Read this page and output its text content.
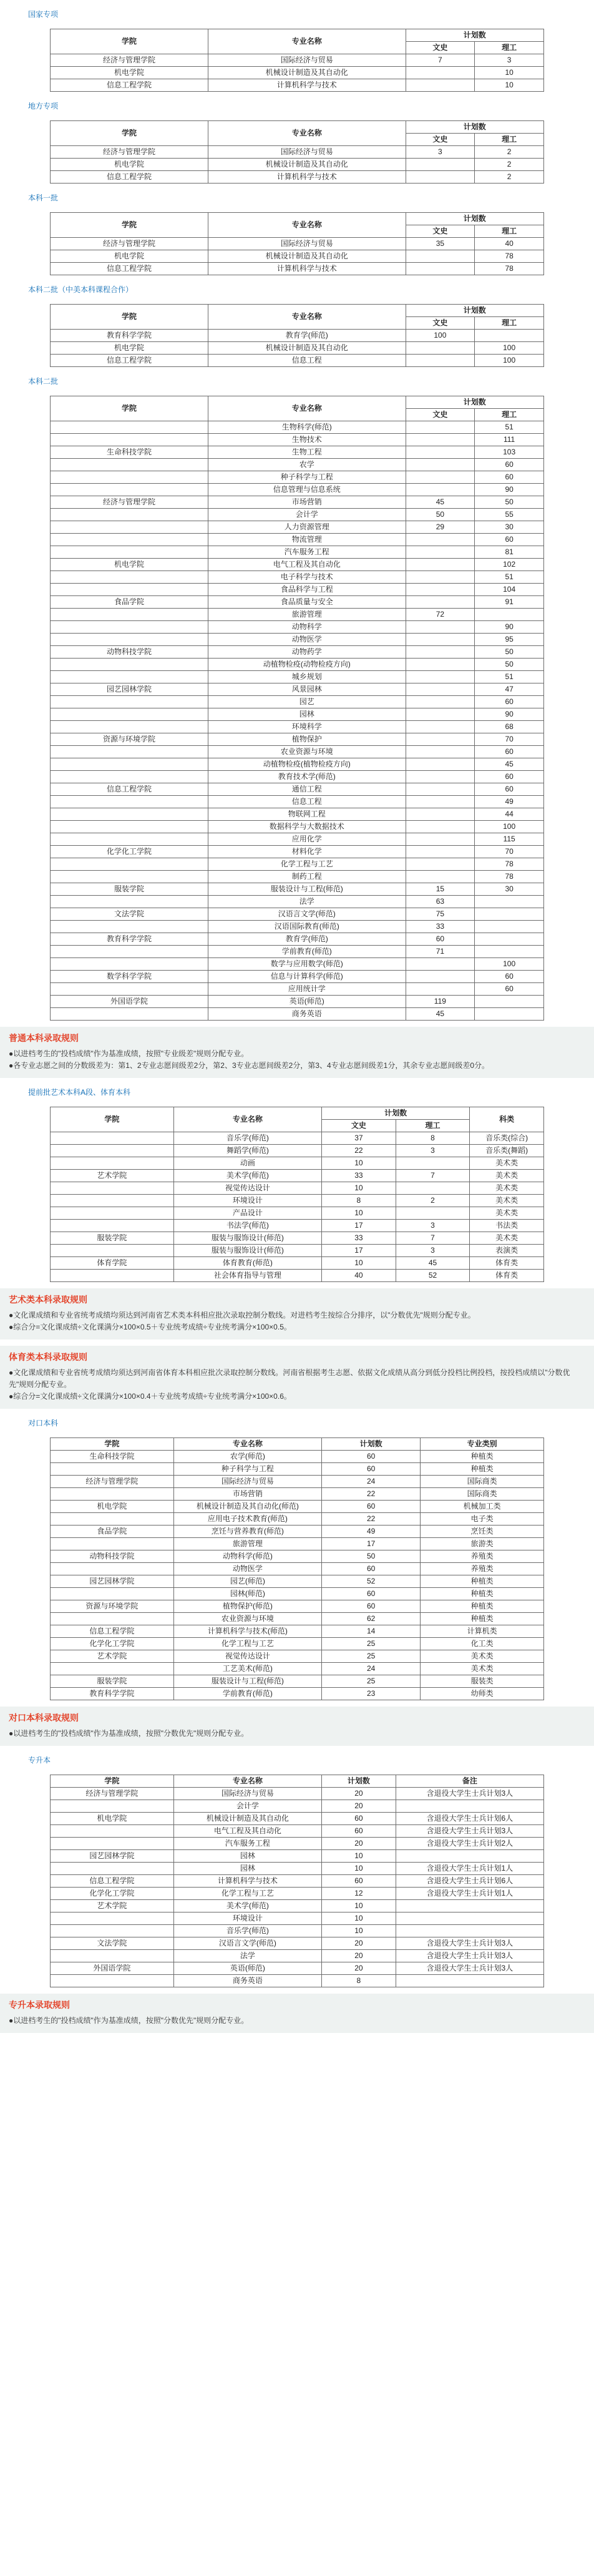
国家专项
学院	专业名称	计划数	
		文史	理工
经济与管理学院	国际经济与贸易	7	3
机电学院	机械设计制造及其自动化		10
信息工程学院	计算机科学与技术		10
地方专项
学院	专业名称	计划数	
		文史	理工
经济与管理学院	国际经济与贸易	3	2
机电学院	机械设计制造及其自动化		2
信息工程学院	计算机科学与技术		2
本科一批
学院	专业名称	计划数	
		文史	理工
经济与管理学院	国际经济与贸易	35	40
机电学院	机械设计制造及其自动化		78
信息工程学院	计算机科学与技术		78
本科二批（中美本科课程合作）
学院	专业名称	计划数	
		文史	理工
教育科学学院	教育学(师范)	100	
机电学院	机械设计制造及其自动化		100
信息工程学院	信息工程		100
本科二批
学院	专业名称	计划数	
		文史	理工
	生物科学(师范)		51
	生物技术		111
生命科技学院	生物工程		103
	农学		60
	种子科学与工程		60
	信息管理与信息系统		90
经济与管理学院	市场营销	45	50
	会计学	50	55
	人力资源管理	29	30
	物流管理		60
	汽车服务工程		81
机电学院	电气工程及其自动化		102
	电子科学与技术		51
	食品科学与工程		104
食品学院	食品质量与安全		91
	旅游管理	72	
	动物科学		90
	动物医学		95
动物科技学院	动物药学		50
	动植物检疫(动物检疫方向)		50
	城乡规划		51
园艺园林学院	风景园林		47
	园艺		60
	园林		90
	环境科学		68
资源与环境学院	植物保护		70
	农业资源与环境		60
	动植物检疫(植物检疫方向)		45
	教育技术学(师范)		60
信息工程学院	通信工程		60
	信息工程		49
	物联网工程		44
	数据科学与大数据技术		100
	应用化学		115
化学化工学院	材料化学		70
	化学工程与工艺		78
	制药工程		78
服装学院	服装设计与工程(师范)	15	30
	法学	63	
文法学院	汉语言文学(师范)	75	
	汉语国际教育(师范)	33	
教育科学学院	教育学(师范)	60	
	学前教育(师范)	71	
	数学与应用数学(师范)		100
数学科学学院	信息与计算科学(师范)		60
	应用统计学		60
外国语学院	英语(师范)	119	
	商务英语	45	
普通本科录取规则
●以进档考生的"投档成绩"作为基准成绩，按照"专业级差"规则分配专业。
●各专业志愿之间的分数级差为：第1、2专业志愿间级差2分，第2、3专业志愿间级差2分，第3、4专业志愿间级差1分，其余专业志愿间级差0分。
提前批艺术本科A段、体育本科
学院	专业名称	计划数		科类
		文史	理工	
	音乐学(师范)	37	8	音乐类(综合)
	舞蹈学(师范)	22	3	音乐类(舞蹈)
	动画	10		美术类
艺术学院	美术学(师范)	33	7	美术类
	视觉传达设计	10		美术类
	环境设计	8	2	美术类
	产品设计	10		美术类
	书法学(师范)	17	3	书法类
服装学院	服装与服饰设计(师范)	33	7	美术类
	服装与服饰设计(师范)	17	3	表演类
体育学院	体育教育(师范)	10	45	体育类
	社会体育指导与管理	40	52	体育类
艺术类本科录取规则
●文化课成绩和专业省统考成绩均须达到河南省艺术类本科相应批次录取控制分数线。对进档考生按综合分排序，以"分数优先"规则分配专业。
●综合分=文化课成绩÷文化课满分×100×0.5＋专业统考成绩÷专业统考满分×100×0.5。
体育类本科录取规则
●文化课成绩和专业省统考成绩均须达到河南省体育本科相应批次录取控制分数线。河南省根据考生志愿、依据文化成绩从高分到低分投档比例投档，按投档成绩以"分数优先"规则分配专业。
●综合分=文化课成绩÷文化课满分×100×0.4＋专业统考成绩÷专业统考满分×100×0.6。
对口本科
学院	专业名称	计划数	专业类别
生命科技学院	农学(师范)	60	种植类
	种子科学与工程	60	种植类
经济与管理学院	国际经济与贸易	24	国际商类
	市场营销	22	国际商类
机电学院	机械设计制造及其自动化(师范)	60	机械加工类
	应用电子技术教育(师范)	22	电子类
食品学院	烹饪与营养教育(师范)	49	烹饪类
	旅游管理	17	旅游类
动物科技学院	动物科学(师范)	50	养殖类
	动物医学	60	养殖类
园艺园林学院	园艺(师范)	52	种植类
	园林(师范)	60	种植类
资源与环境学院	植物保护(师范)	60	种植类
	农业资源与环境	62	种植类
信息工程学院	计算机科学与技术(师范)	14	计算机类
化学化工学院	化学工程与工艺	25	化工类
艺术学院	视觉传达设计	25	美术类
	工艺美术(师范)	24	美术类
服装学院	服装设计与工程(师范)	25	服装类
教育科学学院	学前教育(师范)	23	幼师类
对口本科录取规则
●以进档考生的"投档成绩"作为基准成绩，按照"分数优先"规则分配专业。
专升本
学院	专业名称	计划数	备注
经济与管理学院	国际经济与贸易	20	含退役大学生士兵计划3人
	会计学	20	
机电学院	机械设计制造及其自动化	60	含退役大学生士兵计划6人
	电气工程及其自动化	60	含退役大学生士兵计划3人
	汽车服务工程	20	含退役大学生士兵计划2人
园艺园林学院	园林	10	
	园林	10	含退役大学生士兵计划1人
信息工程学院	计算机科学与技术	60	含退役大学生士兵计划6人
化学化工学院	化学工程与工艺	12	含退役大学生士兵计划1人
艺术学院	美术学(师范)	10	
	环境设计	10	
	音乐学(师范)	10	
文法学院	汉语言文学(师范)	20	含退役大学生士兵计划3人
	法学	20	含退役大学生士兵计划3人
外国语学院	英语(师范)	20	含退役大学生士兵计划3人
	商务英语	8	
专升本录取规则
●以进档考生的"投档成绩"作为基准成绩，按照"分数优先"规则分配专业。
